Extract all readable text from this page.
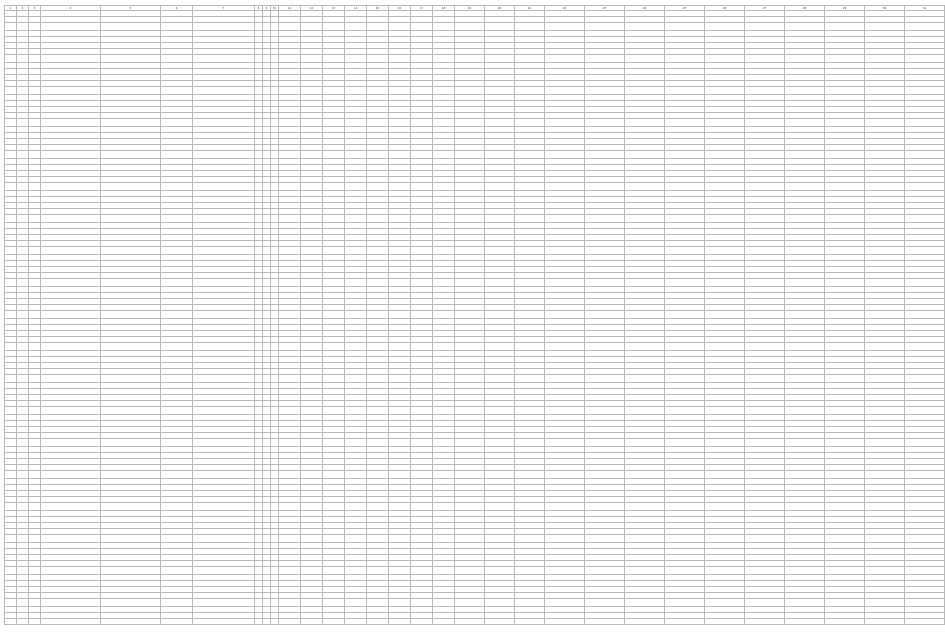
1	2	3	4	5	6	7	8	9	10	11	12	13	14	15	16	17	18	19	20	21	22	23	24	25	26	27	28	29	30	31
